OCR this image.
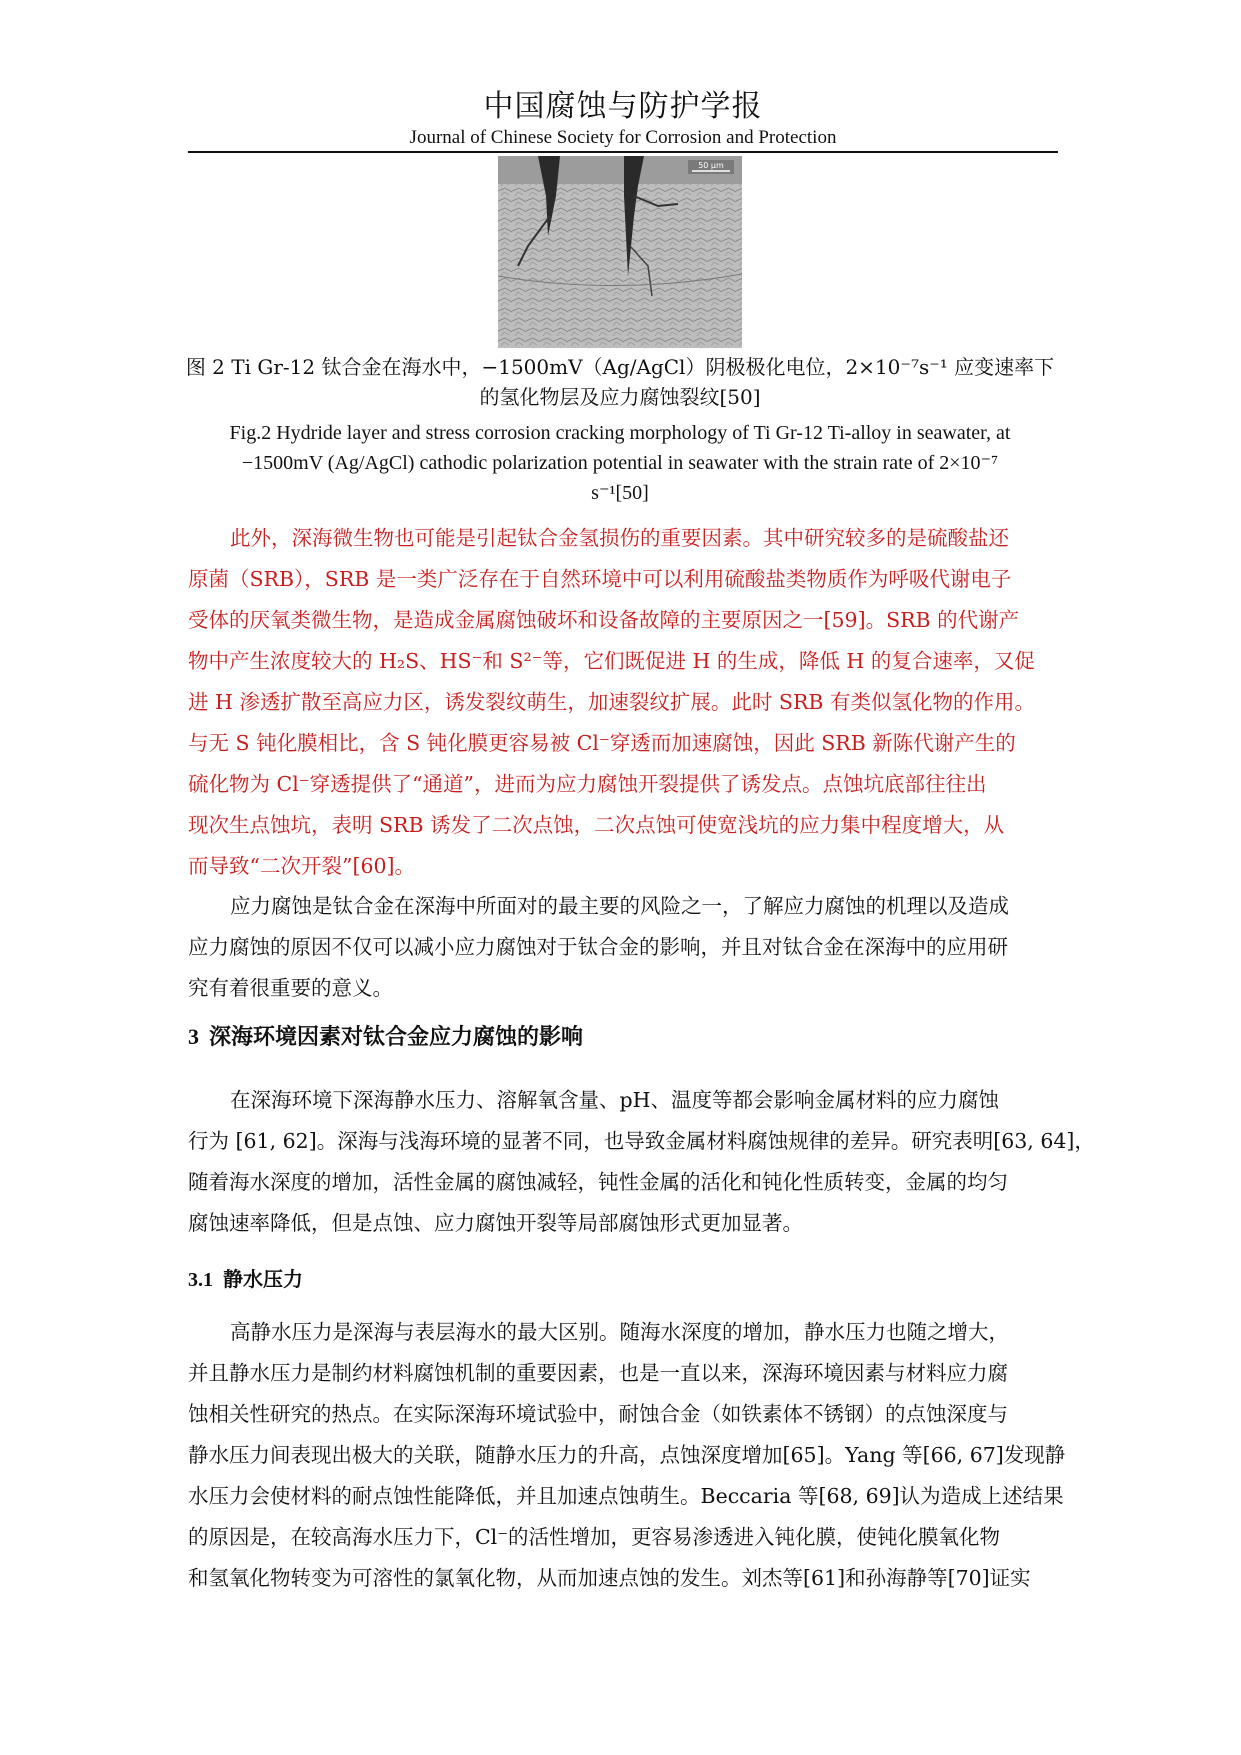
中国腐蚀与防护学报
Journal of Chinese Society for Corrosion and Protection
50 μm
图 2 Ti Gr-12 钛合金在海水中，−1500mV（Ag/AgCl）阴极极化电位，2×10⁻⁷s⁻¹ 应变速率下
的氢化物层及应力腐蚀裂纹[50]
Fig.2 Hydride layer and stress corrosion cracking morphology of Ti Gr-12 Ti-alloy in seawater, at
−1500mV (Ag/AgCl) cathodic polarization potential in seawater with the strain rate of 2×10⁻⁷
s⁻¹[50]
此外，深海微生物也可能是引起钛合金氢损伤的重要因素。其中研究较多的是硫酸盐还
原菌（SRB），SRB 是一类广泛存在于自然环境中可以利用硫酸盐类物质作为呼吸代谢电子
受体的厌氧类微生物，是造成金属腐蚀破坏和设备故障的主要原因之一[59]。SRB 的代谢产
物中产生浓度较大的 H₂S、HS⁻和 S²⁻等，它们既促进 H 的生成，降低 H 的复合速率，又促
进 H 渗透扩散至高应力区，诱发裂纹萌生，加速裂纹扩展。此时 SRB 有类似氢化物的作用。
与无 S 钝化膜相比，含 S 钝化膜更容易被 Cl⁻穿透而加速腐蚀，因此 SRB 新陈代谢产生的
硫化物为 Cl⁻穿透提供了“通道”，进而为应力腐蚀开裂提供了诱发点。点蚀坑底部往往出
现次生点蚀坑，表明 SRB 诱发了二次点蚀，二次点蚀可使宽浅坑的应力集中程度增大，从
而导致“二次开裂”[60]。
应力腐蚀是钛合金在深海中所面对的最主要的风险之一，了解应力腐蚀的机理以及造成
应力腐蚀的原因不仅可以减小应力腐蚀对于钛合金的影响，并且对钛合金在深海中的应用研
究有着很重要的意义。
3 深海环境因素对钛合金应力腐蚀的影响
在深海环境下深海静水压力、溶解氧含量、pH、温度等都会影响金属材料的应力腐蚀
行为 [61, 62]。深海与浅海环境的显著不同，也导致金属材料腐蚀规律的差异。研究表明[63, 64]，
随着海水深度的增加，活性金属的腐蚀减轻，钝性金属的活化和钝化性质转变，金属的均匀
腐蚀速率降低，但是点蚀、应力腐蚀开裂等局部腐蚀形式更加显著。
3.1 静水压力
高静水压力是深海与表层海水的最大区别。随海水深度的增加，静水压力也随之增大，
并且静水压力是制约材料腐蚀机制的重要因素，也是一直以来，深海环境因素与材料应力腐
蚀相关性研究的热点。在实际深海环境试验中，耐蚀合金（如铁素体不锈钢）的点蚀深度与
静水压力间表现出极大的关联，随静水压力的升高，点蚀深度增加[65]。Yang 等[66, 67]发现静
水压力会使材料的耐点蚀性能降低，并且加速点蚀萌生。Beccaria 等[68, 69]认为造成上述结果
的原因是，在较高海水压力下，Cl⁻的活性增加，更容易渗透进入钝化膜，使钝化膜氧化物
和氢氧化物转变为可溶性的氯氧化物，从而加速点蚀的发生。刘杰等[61]和孙海静等[70]证实
